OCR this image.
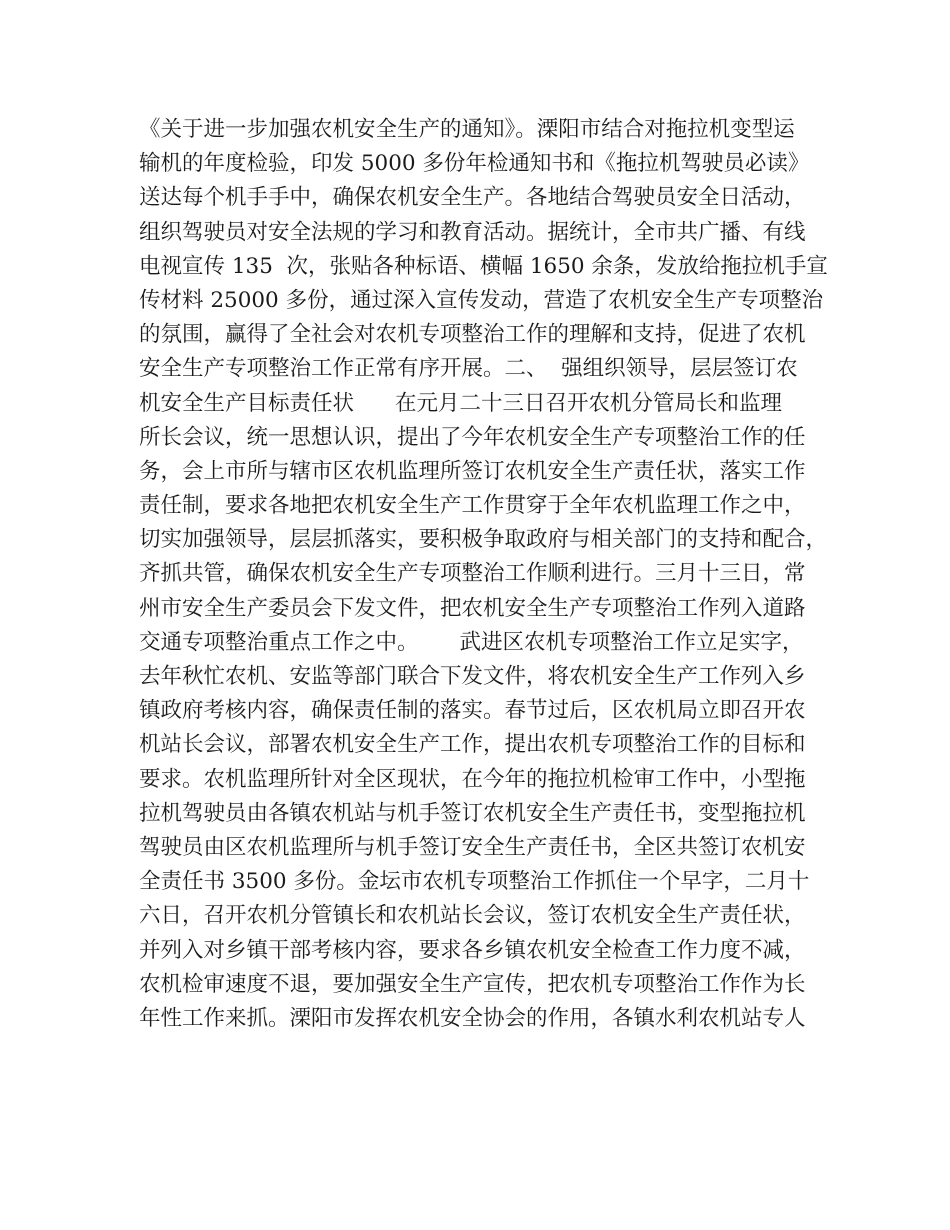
《关于进一步加强农机安全生产的通知》。溧阳市结合对拖拉机变型运
输机的年度检验，印发 5000 多份年检通知书和《拖拉机驾驶员必读》
送达每个机手手中，确保农机安全生产。各地结合驾驶员安全日活动，
组织驾驶员对安全法规的学习和教育活动。据统计，全市共广播、有线
电视宣传 135  次，张贴各种标语、横幅 1650 余条，发放给拖拉机手宣
传材料 25000 多份，通过深入宣传发动，营造了农机安全生产专项整治
的氛围，赢得了全社会对农机专项整治工作的理解和支持，促进了农机
安全生产专项整治工作正常有序开展。二、  强组织领导，层层签订农
机安全生产目标责任状      在元月二十三日召开农机分管局长和监理
所长会议，统一思想认识，提出了今年农机安全生产专项整治工作的任
务，会上市所与辖市区农机监理所签订农机安全生产责任状，落实工作
责任制，要求各地把农机安全生产工作贯穿于全年农机监理工作之中，
切实加强领导，层层抓落实，要积极争取政府与相关部门的支持和配合，
齐抓共管，确保农机安全生产专项整治工作顺利进行。三月十三日，常
州市安全生产委员会下发文件，把农机安全生产专项整治工作列入道路
交通专项整治重点工作之中。      武进区农机专项整治工作立足实字，
去年秋忙农机、安监等部门联合下发文件，将农机安全生产工作列入乡
镇政府考核内容，确保责任制的落实。春节过后，区农机局立即召开农
机站长会议，部署农机安全生产工作，提出农机专项整治工作的目标和
要求。农机监理所针对全区现状，在今年的拖拉机检审工作中，小型拖
拉机驾驶员由各镇农机站与机手签订农机安全生产责任书，变型拖拉机
驾驶员由区农机监理所与机手签订安全生产责任书，全区共签订农机安
全责任书 3500 多份。金坛市农机专项整治工作抓住一个早字，二月十
六日，召开农机分管镇长和农机站长会议，签订农机安全生产责任状，
并列入对乡镇干部考核内容，要求各乡镇农机安全检查工作力度不减，
农机检审速度不退，要加强安全生产宣传，把农机专项整治工作作为长
年性工作来抓。溧阳市发挥农机安全协会的作用，各镇水利农机站专人
